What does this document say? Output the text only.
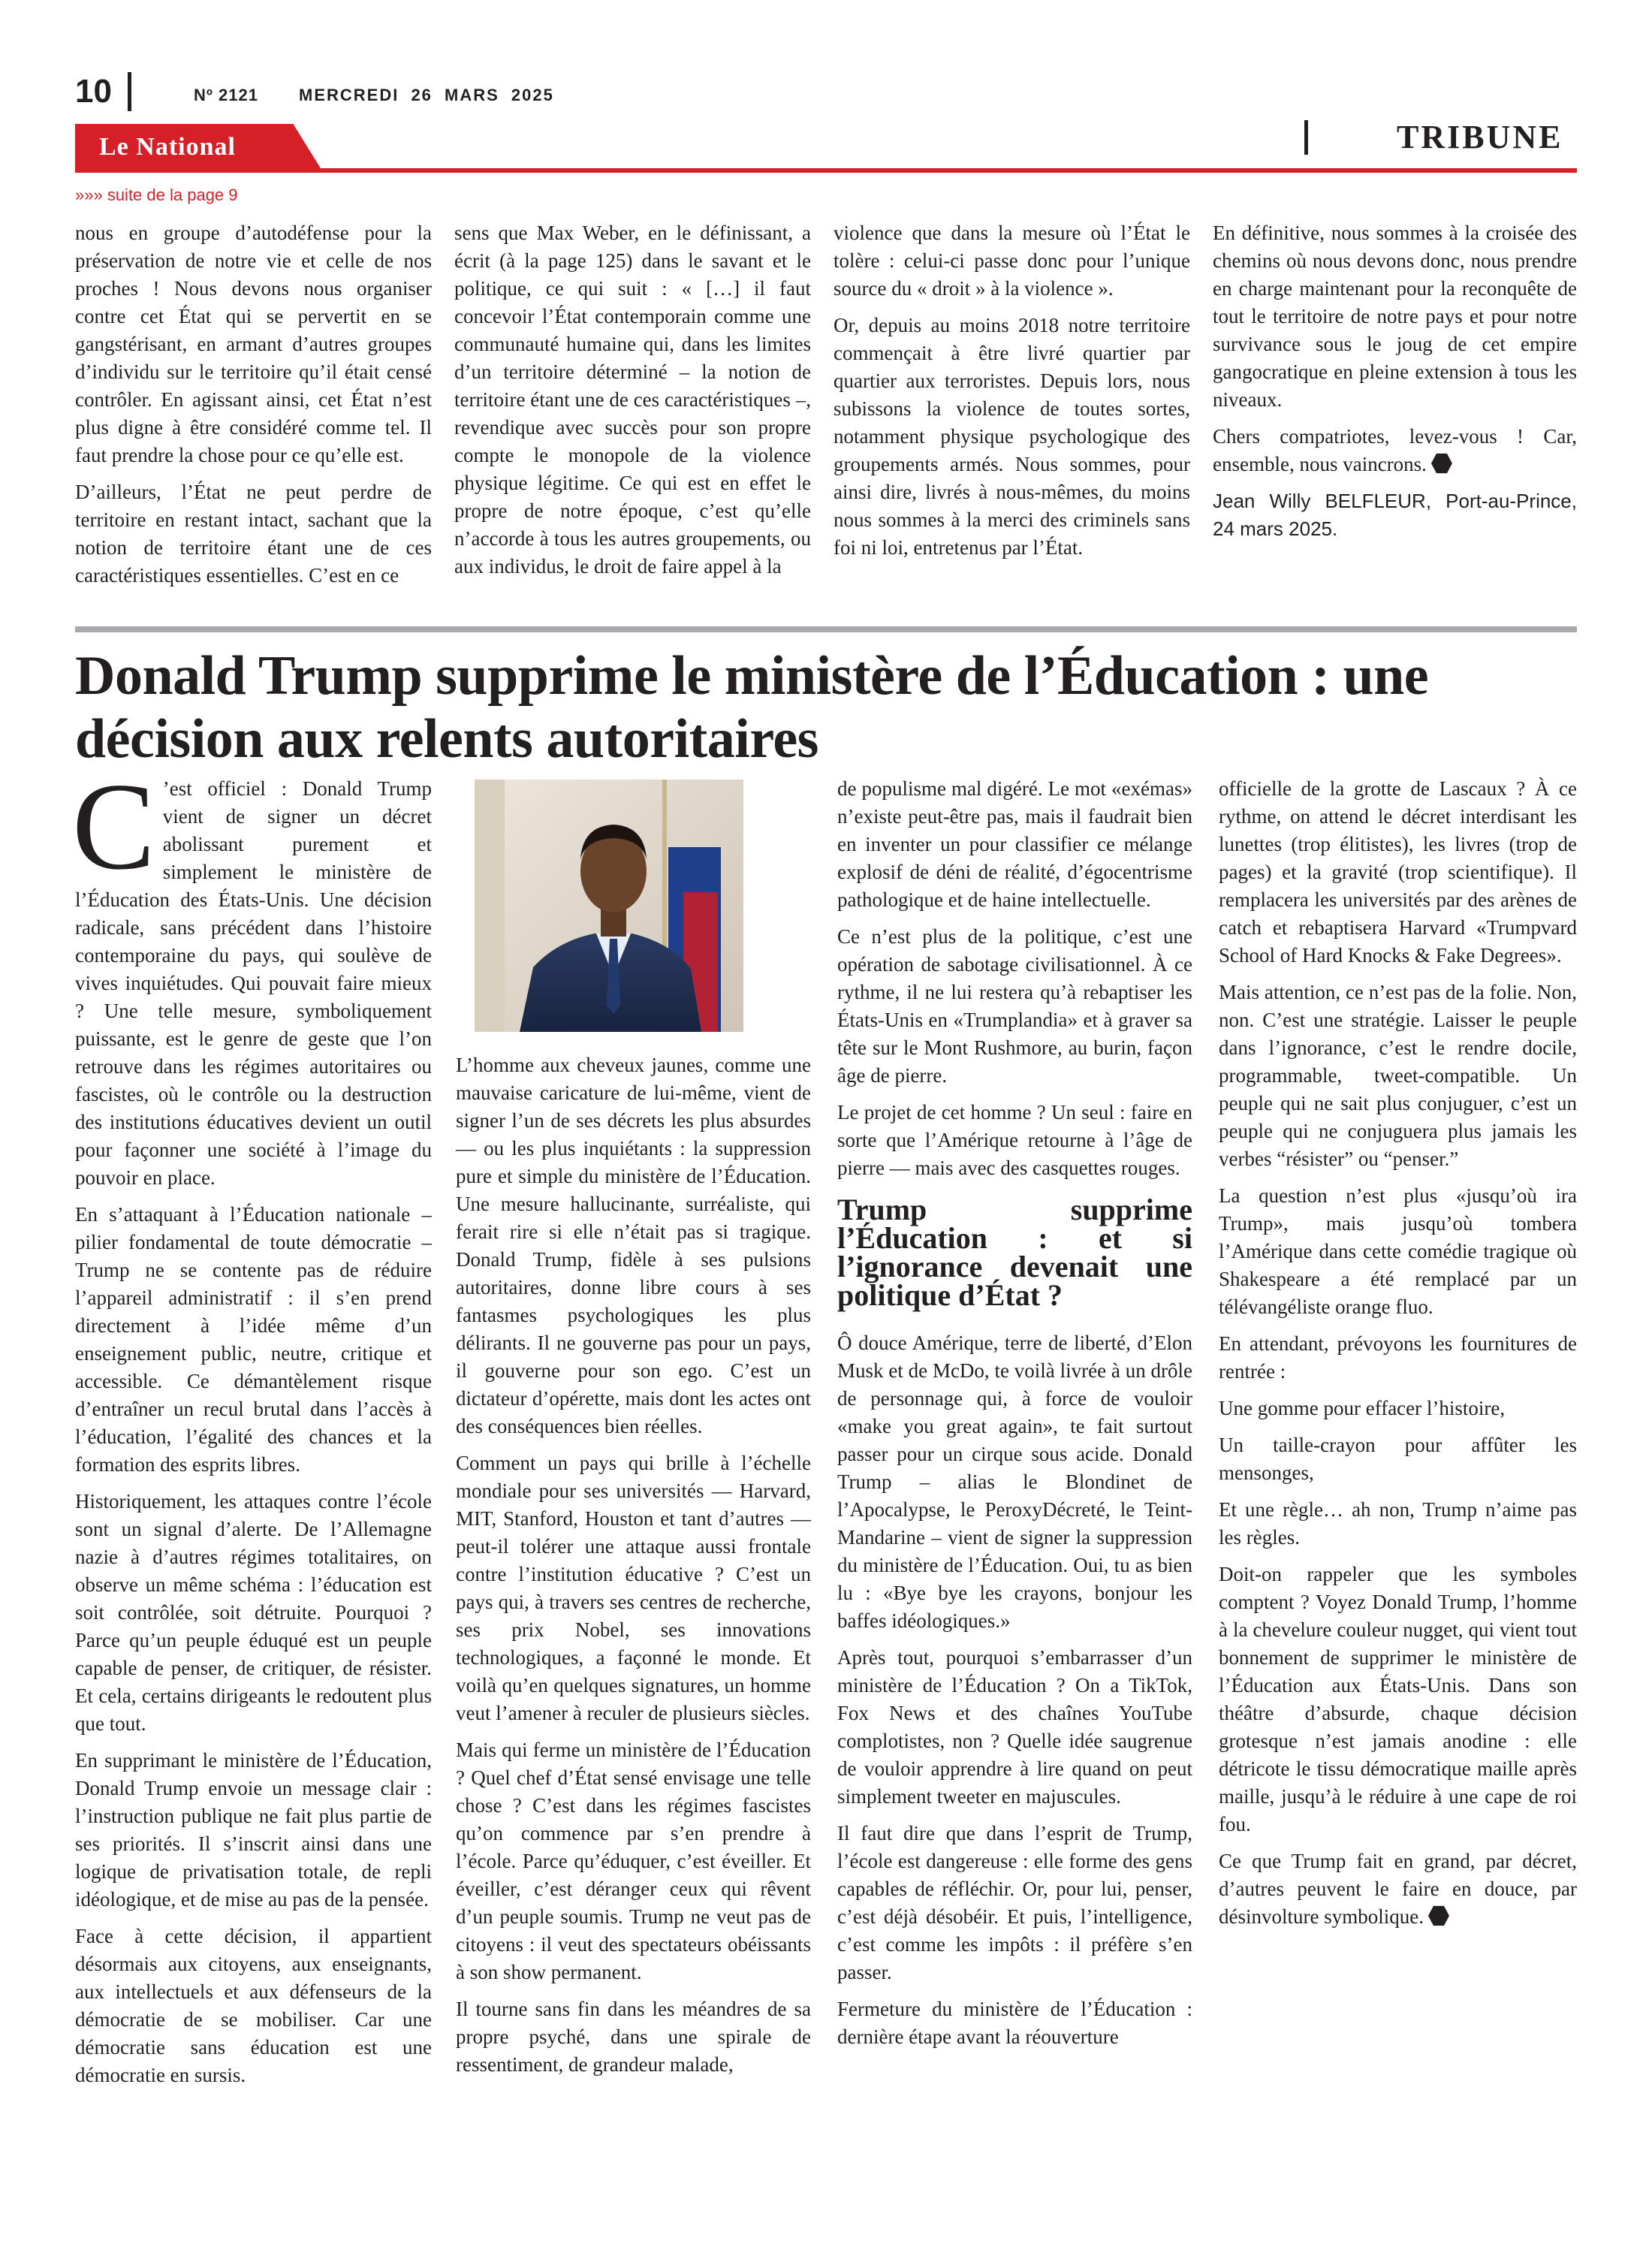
10	Nº 2121 MERCREDI 26 MARS 2025
Le National	TRIBUNE
»»» suite de la page 9

nous en groupe d’autodéfense pour la préservation de notre vie et celle de nos proches ! Nous devons nous organiser contre cet État qui se pervertit en se gangstérisant, en armant d’autres groupes d’individu sur le territoire qu’il était censé contrôler. En agissant ainsi, cet État n’est plus digne à être considéré comme tel. Il faut prendre la chose pour ce qu’elle est.

D’ailleurs, l’État ne peut perdre de territoire en restant intact, sachant que la notion de territoire étant une de ces caractéristiques essentielles. C’est en ce

sens que Max Weber, en le définissant, a écrit (à la page 125) dans le savant et le politique, ce qui suit : « […] il faut concevoir l’État contemporain comme une communauté humaine qui, dans les limites d’un territoire déterminé – la notion de territoire étant une de ces caractéristiques –, revendique avec succès pour son propre compte le monopole de la violence physique légitime. Ce qui est en effet le propre de notre époque, c’est qu’elle n’accorde à tous les autres groupements, ou aux individus, le droit de faire appel à la

violence que dans la mesure où l’État le tolère : celui-ci passe donc pour l’unique source du « droit » à la violence ».

Or, depuis au moins 2018 notre territoire commençait à être livré quartier par quartier aux terroristes. Depuis lors, nous subissons la violence de toutes sortes, notamment physique psychologique des groupements armés. Nous sommes, pour ainsi dire, livrés à nous-mêmes, du moins nous sommes à la merci des criminels sans foi ni loi, entretenus par l’État.

En définitive, nous sommes à la croisée des chemins où nous devons donc, nous prendre en charge maintenant pour la reconquête de tout le territoire de notre pays et pour notre survivance sous le joug de cet empire gangocratique en pleine extension à tous les niveaux.

Chers compatriotes, levez-vous ! Car, ensemble, nous vaincrons.

Jean Willy BELFLEUR, Port-au-Prince, 24 mars 2025.

Donald Trump supprime le ministère de l’Éducation : une décision aux relents autoritaires

C ’est officiel : Donald Trump vient de signer un décret abolissant purement et simplement le ministère de l’Éducation des États-Unis. Une décision radicale, sans précédent dans l’histoire contemporaine du pays, qui soulève de vives inquiétudes. Qui pouvait faire mieux ? Une telle mesure, symboliquement puissante, est le genre de geste que l’on retrouve dans les régimes autoritaires ou fascistes, où le contrôle ou la destruction des institutions éducatives devient un outil pour façonner une société à l’image du pouvoir en place.

En s’attaquant à l’Éducation nationale – pilier fondamental de toute démocratie – Trump ne se contente pas de réduire l’appareil administratif : il s’en prend directement à l’idée même d’un enseignement public, neutre, critique et accessible. Ce démantèlement risque d’entraîner un recul brutal dans l’accès à l’éducation, l’égalité des chances et la formation des esprits libres.

Historiquement, les attaques contre l’école sont un signal d’alerte. De l’Allemagne nazie à d’autres régimes totalitaires, on observe un même schéma : l’éducation est soit contrôlée, soit détruite. Pourquoi ? Parce qu’un peuple éduqué est un peuple capable de penser, de critiquer, de résister. Et cela, certains dirigeants le redoutent plus que tout.

En supprimant le ministère de l’Éducation, Donald Trump envoie un message clair : l’instruction publique ne fait plus partie de ses priorités. Il s’inscrit ainsi dans une logique de privatisation totale, de repli idéologique, et de mise au pas de la pensée.

Face à cette décision, il appartient désormais aux citoyens, aux enseignants, aux intellectuels et aux défenseurs de la démocratie de se mobiliser. Car une démocratie sans éducation est une démocratie en sursis.

L’homme aux cheveux jaunes, comme une mauvaise caricature de lui-même, vient de signer l’un de ses décrets les plus absurdes — ou les plus inquiétants : la suppression pure et simple du ministère de l’Éducation. Une mesure hallucinante, surréaliste, qui ferait rire si elle n’était pas si tragique. Donald Trump, fidèle à ses pulsions autoritaires, donne libre cours à ses fantasmes psychologiques les plus délirants. Il ne gouverne pas pour un pays, il gouverne pour son ego. C’est un dictateur d’opérette, mais dont les actes ont des conséquences bien réelles.

Comment un pays qui brille à l’échelle mondiale pour ses universités — Harvard, MIT, Stanford, Houston et tant d’autres — peut-il tolérer une attaque aussi frontale contre l’institution éducative ? C’est un pays qui, à travers ses centres de recherche, ses prix Nobel, ses innovations technologiques, a façonné le monde. Et voilà qu’en quelques signatures, un homme veut l’amener à reculer de plusieurs siècles.

Mais qui ferme un ministère de l’Éducation ? Quel chef d’État sensé envisage une telle chose ? C’est dans les régimes fascistes qu’on commence par s’en prendre à l’école. Parce qu’éduquer, c’est éveiller. Et éveiller, c’est déranger ceux qui rêvent d’un peuple soumis. Trump ne veut pas de citoyens : il veut des spectateurs obéissants à son show permanent.

Il tourne sans fin dans les méandres de sa propre psyché, dans une spirale de ressentiment, de grandeur malade,

de populisme mal digéré. Le mot «exémas» n’existe peut-être pas, mais il faudrait bien en inventer un pour classifier ce mélange explosif de déni de réalité, d’égocentrisme pathologique et de haine intellectuelle.

Ce n’est plus de la politique, c’est une opération de sabotage civilisationnel. À ce rythme, il ne lui restera qu’à rebaptiser les États-Unis en «Trumplandia» et à graver sa tête sur le Mont Rushmore, au burin, façon âge de pierre.

Le projet de cet homme ? Un seul : faire en sorte que l’Amérique retourne à l’âge de pierre — mais avec des casquettes rouges.

Trump supprime l’Éducation : et si l’ignorance devenait une politique d’État ?

Ô douce Amérique, terre de liberté, d’Elon Musk et de McDo, te voilà livrée à un drôle de personnage qui, à force de vouloir «make you great again», te fait surtout passer pour un cirque sous acide. Donald Trump – alias le Blondinet de l’Apocalypse, le PeroxyDécreté, le Teint-Mandarine – vient de signer la suppression du ministère de l’Éducation. Oui, tu as bien lu : «Bye bye les crayons, bonjour les baffes idéologiques.»

Après tout, pourquoi s’embarrasser d’un ministère de l’Éducation ? On a TikTok, Fox News et des chaînes YouTube complotistes, non ? Quelle idée saugrenue de vouloir apprendre à lire quand on peut simplement tweeter en majuscules.

Il faut dire que dans l’esprit de Trump, l’école est dangereuse : elle forme des gens capables de réfléchir. Or, pour lui, penser, c’est déjà désobéir. Et puis, l’intelligence, c’est comme les impôts : il préfère s’en passer.

Fermeture du ministère de l’Éducation : dernière étape avant la réouverture

officielle de la grotte de Lascaux ? À ce rythme, on attend le décret interdisant les lunettes (trop élitistes), les livres (trop de pages) et la gravité (trop scientifique). Il remplacera les universités par des arènes de catch et rebaptisera Harvard «Trumpvard School of Hard Knocks & Fake Degrees».

Mais attention, ce n’est pas de la folie. Non, non. C’est une stratégie. Laisser le peuple dans l’ignorance, c’est le rendre docile, programmable, tweet-compatible. Un peuple qui ne sait plus conjuguer, c’est un peuple qui ne conjuguera plus jamais les verbes “résister” ou “penser.”

La question n’est plus «jusqu’où ira Trump», mais jusqu’où tombera l’Amérique dans cette comédie tragique où Shakespeare a été remplacé par un télévangéliste orange fluo.

En attendant, prévoyons les fournitures de rentrée :

Une gomme pour effacer l’histoire,

Un taille-crayon pour affûter les mensonges,

Et une règle… ah non, Trump n’aime pas les règles.

Doit-on rappeler que les symboles comptent ? Voyez Donald Trump, l’homme à la chevelure couleur nugget, qui vient tout bonnement de supprimer le ministère de l’Éducation aux États-Unis. Dans son théâtre d’absurde, chaque décision grotesque n’est jamais anodine : elle détricote le tissu démocratique maille après maille, jusqu’à le réduire à une cape de roi fou.

Ce que Trump fait en grand, par décret, d’autres peuvent le faire en douce, par désinvolture symbolique.
